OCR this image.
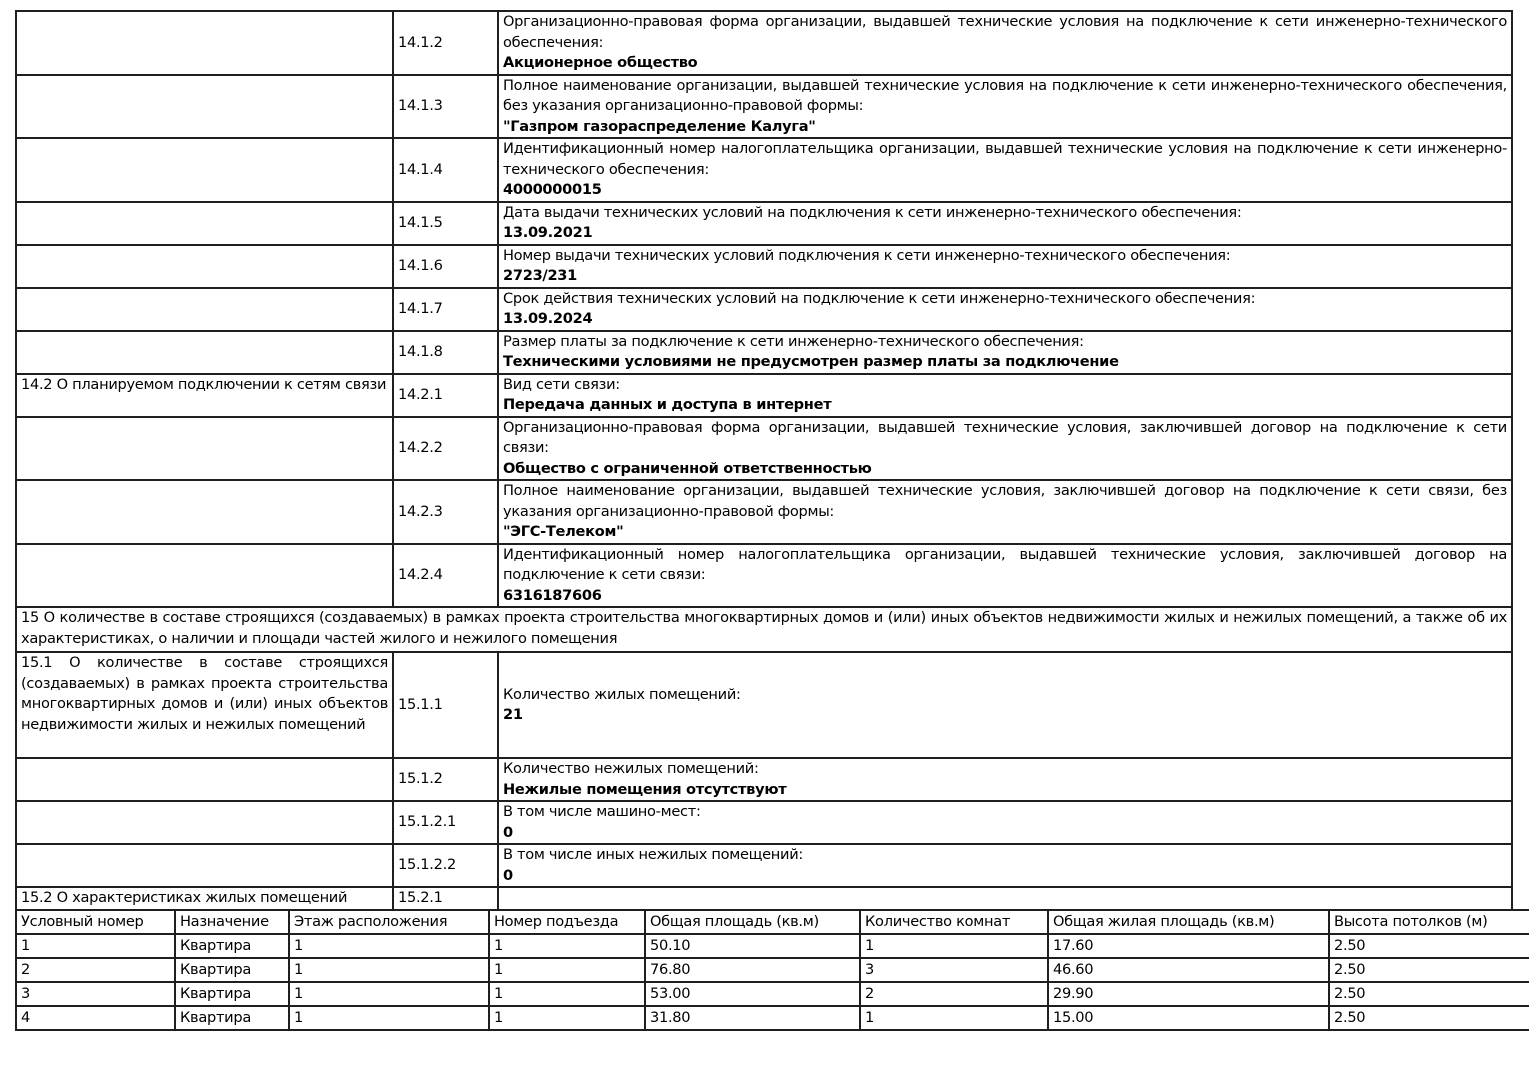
	14.1.2	Организационно-правовая форма организации, выдавшей технические условия на подключение к сети инженерно-технического обеспечения:
Акционерное общество

	14.1.3	Полное наименование организации, выдавшей технические условия на подключение к сети инженерно-технического обеспечения, без указания организационно-правовой формы:
"Газпром газораспределение Калуга"

	14.1.4	Идентификационный номер налогоплательщика организации, выдавшей технические условия на подключение к сети инженерно-технического обеспечения:
4000000015

	14.1.5	Дата выдачи технических условий на подключения к сети инженерно-технического обеспечения:
13.09.2021

	14.1.6	Номер выдачи технических условий подключения к сети инженерно-технического обеспечения:
2723/231

	14.1.7	Срок действия технических условий на подключение к сети инженерно-технического обеспечения:
13.09.2024

	14.1.8	Размер платы за подключение к сети инженерно-технического обеспечения:
Техническими условиями не предусмотрен размер платы за подключение

14.2 О планируемом подключении к сетям связи	14.2.1	Вид сети связи:
Передача данных и доступа в интернет

	14.2.2	Организационно-правовая форма организации, выдавшей технические условия, заключившей договор на подключение к сети связи:
Общество с ограниченной ответственностью

	14.2.3	Полное наименование организации, выдавшей технические условия, заключившей договор на подключение к сети связи, без указания организационно-правовой формы:
"ЭГС-Телеком"

	14.2.4	Идентификационный номер налогоплательщика организации, выдавшей технические условия, заключившей договор на подключение к сети связи:
6316187606

15 О количестве в составе строящихся (создаваемых) в рамках проекта строительства многоквартирных домов и (или) иных объектов недвижимости жилых и нежилых помещений, а также об их характеристиках, о наличии и площади частей жилого и нежилого помещения		
15.1 О количестве в составе строящихся (создаваемых) в рамках проекта строительства многоквартирных домов и (или) иных объектов недвижимости жилых и нежилых помещений	15.1.1	Количество жилых помещений:
21

	15.1.2	Количество нежилых помещений:
Нежилые помещения отсутствуют

	15.1.2.1	В том числе машино-мест:
0

	15.1.2.2	В том числе иных нежилых помещений:
0

15.2 О характеристиках жилых помещений	15.2.1	
Условный номер	Назначение	Этаж расположения	Номер подъезда	Общая площадь (кв.м)	Количество комнат	Общая жилая площадь (кв.м)	Высота потолков (м)
1	Квартира	1	1	50.10	1	17.60	2.50
2	Квартира	1	1	76.80	3	46.60	2.50
3	Квартира	1	1	53.00	2	29.90	2.50
4	Квартира	1	1	31.80	1	15.00	2.50
